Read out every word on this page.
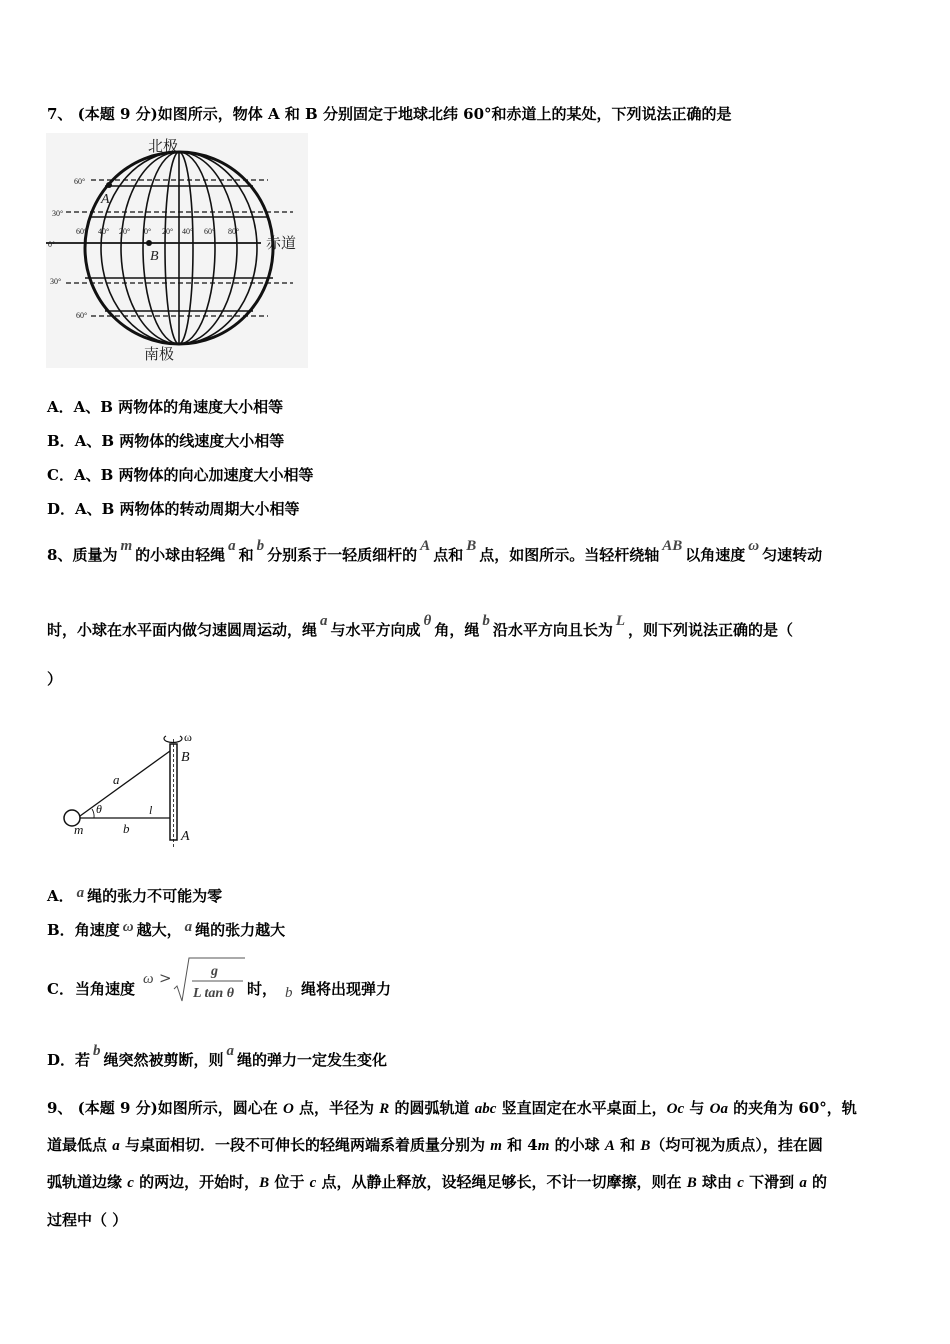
7、 (本题 9 分)如图所示，物体 A 和 B 分别固定于地球北纬 60°和赤道上的某处，下列说法正确的是
北极
南极
赤道
60°
30°
0°
30°
60°
60° 40° 20° 0° 20° 40° 60° 80°
A
B
A．A、B 两物体的角速度大小相等
B．A、B 两物体的线速度大小相等
C．A、B 两物体的向心加速度大小相等
D．A、B 两物体的转动周期大小相等
8、质量为 m 的小球由轻绳 a 和 b 分别系于一轻质细杆的 A 点和 B 点，如图所示。当轻杆绕轴 AB 以角速度 ω 匀速转动
时，小球在水平面内做匀速圆周运动，绳 a 与水平方向成 θ 角，绳 b 沿水平方向且长为 L ，则下列说法正确的是（
）
ω
B
A
a
θ	l
m	b
A． a 绳的张力不可能为零
B．角速度 ω 越大， a 绳的张力越大
C． 当角速度
ω >	g
L tan θ 时， b 绳将出现弹力
D．若 b 绳突然被剪断，则 a 绳的弹力一定发生变化
9、 (本题 9 分)如图所示，圆心在 O 点，半径为 R 的圆弧轨道 abc 竖直固定在水平桌面上，Oc 与 Oa 的夹角为 60°，轨
道最低点 a 与桌面相切．一段不可伸长的轻绳两端系着质量分别为 m 和 4m 的小球 A 和 B（均可视为质点），挂在圆
弧轨道边缘 c 的两边，开始时，B 位于 c 点，从静止释放，设轻绳足够长，不计一切摩擦，则在 B 球由 c 下滑到 a 的
过程中（ ）
